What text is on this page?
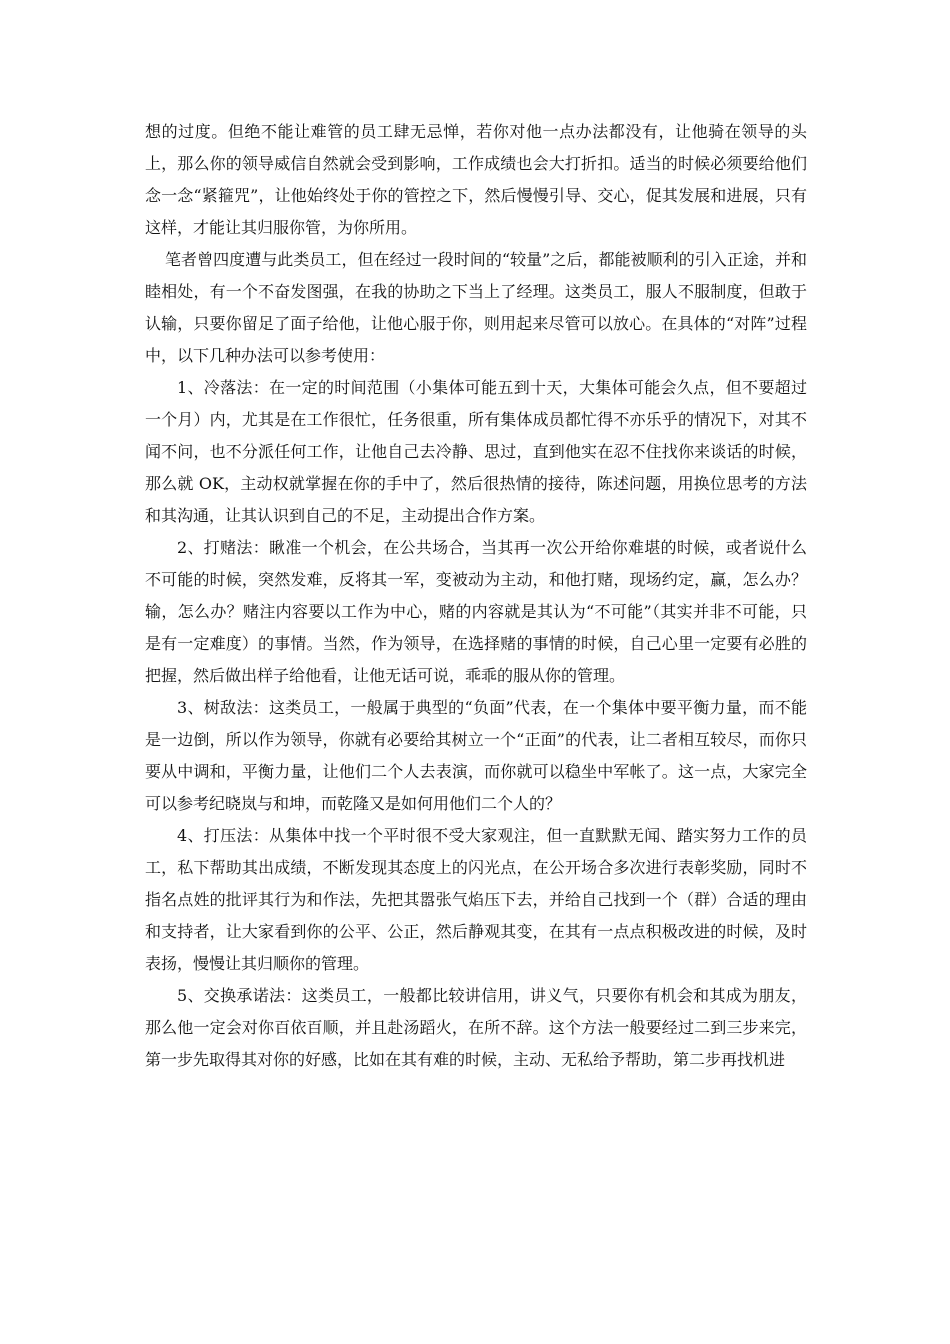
想的过度。但绝不能让难管的员工肆无忌惮，若你对他一点办法都没有，让他骑在领导的头上，那么你的领导威信自然就会受到影响，工作成绩也会大打折扣。适当的时候必须要给他们念一念“紧箍咒”，让他始终处于你的管控之下，然后慢慢引导、交心，促其发展和进展，只有这样，才能让其归服你管，为你所用。

笔者曾四度遭与此类员工，但在经过一段时间的“较量”之后，都能被顺利的引入正途，并和睦相处，有一个不奋发图强，在我的协助之下当上了经理。这类员工，服人不服制度，但敢于认输，只要你留足了面子给他，让他心服于你，则用起来尽管可以放心。在具体的“对阵”过程中，以下几种办法可以参考使用：

1、冷落法：在一定的时间范围（小集体可能五到十天，大集体可能会久点，但不要超过一个月）内，尤其是在工作很忙，任务很重，所有集体成员都忙得不亦乐乎的情况下，对其不闻不问，也不分派任何工作，让他自己去冷静、思过，直到他实在忍不住找你来谈话的时候，那么就 OK，主动权就掌握在你的手中了，然后很热情的接待，陈述问题，用换位思考的方法和其沟通，让其认识到自己的不足，主动提出合作方案。

2、打赌法：瞅准一个机会，在公共场合，当其再一次公开给你难堪的时候，或者说什么不可能的时候，突然发难，反将其一军，变被动为主动，和他打赌，现场约定，赢，怎么办？输，怎么办？赌注内容要以工作为中心，赌的内容就是其认为“不可能”（其实并非不可能，只是有一定难度）的事情。当然，作为领导，在选择赌的事情的时候，自己心里一定要有必胜的把握，然后做出样子给他看，让他无话可说，乖乖的服从你的管理。

3、树敌法：这类员工，一般属于典型的“负面”代表，在一个集体中要平衡力量，而不能是一边倒，所以作为领导，你就有必要给其树立一个“正面”的代表，让二者相互较尽，而你只要从中调和，平衡力量，让他们二个人去表演，而你就可以稳坐中军帐了。这一点，大家完全可以参考纪晓岚与和坤，而乾隆又是如何用他们二个人的？

4、打压法：从集体中找一个平时很不受大家观注，但一直默默无闻、踏实努力工作的员工，私下帮助其出成绩，不断发现其态度上的闪光点，在公开场合多次进行表彰奖励，同时不指名点姓的批评其行为和作法，先把其嚣张气焰压下去，并给自己找到一个（群）合适的理由和支持者，让大家看到你的公平、公正，然后静观其变，在其有一点点积极改进的时候，及时表扬，慢慢让其归顺你的管理。

5、交换承诺法：这类员工，一般都比较讲信用，讲义气，只要你有机会和其成为朋友，那么他一定会对你百依百顺，并且赴汤蹈火，在所不辞。这个方法一般要经过二到三步来完，第一步先取得其对你的好感，比如在其有难的时候，主动、无私给予帮助，第二步再找机进
